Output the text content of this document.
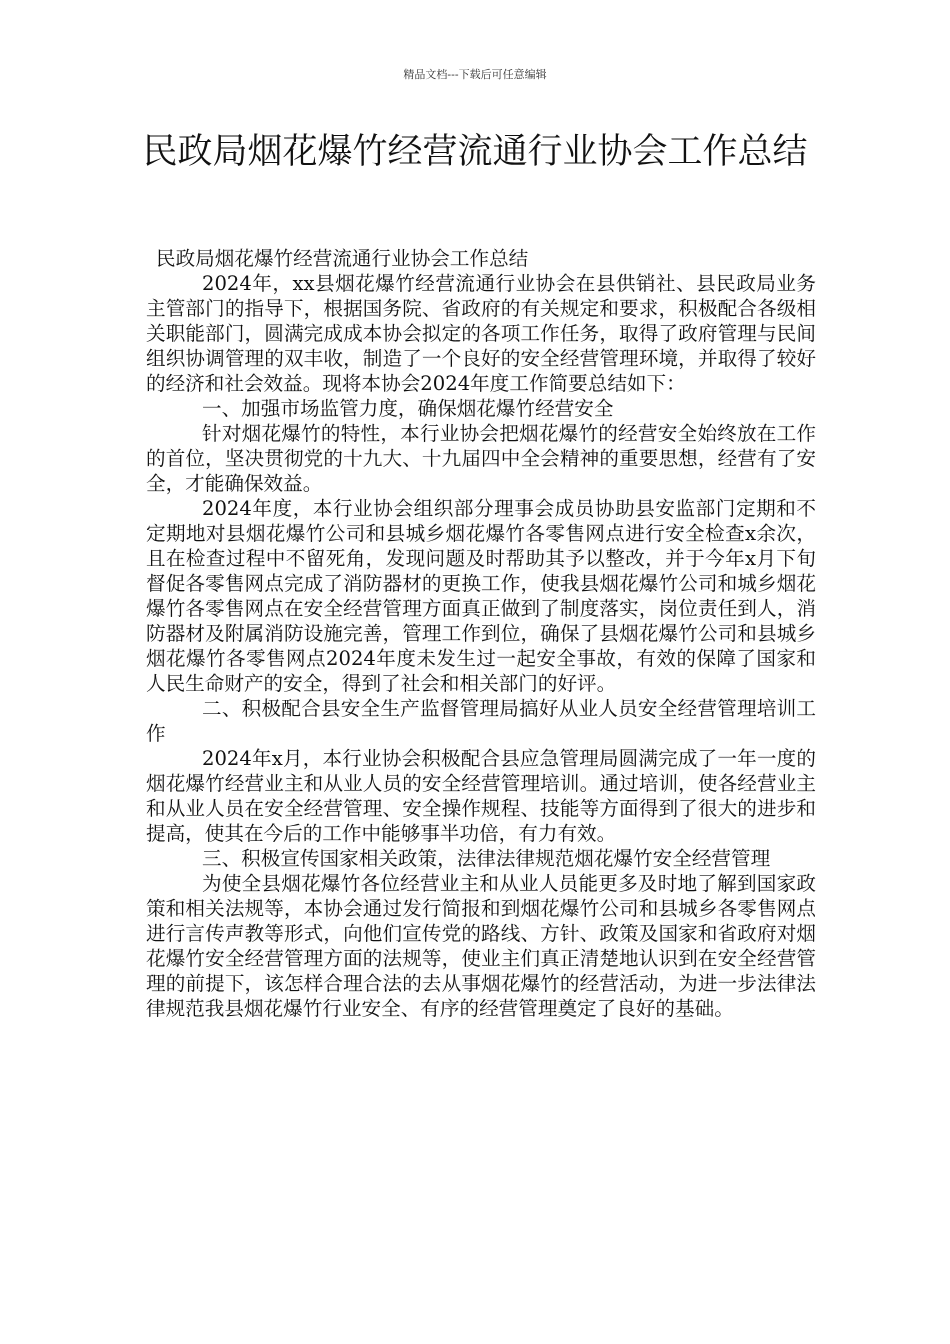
精品文档---下载后可任意编辑
民政局烟花爆竹经营流通行业协会工作总结

民政局烟花爆竹经营流通行业协会工作总结

2024年，xx县烟花爆竹经营流通行业协会在县供销社、县民政局业务主管部门的指导下，根据国务院、省政府的有关规定和要求，积极配合各级相关职能部门，圆满完成成本协会拟定的各项工作任务，取得了政府管理与民间组织协调管理的双丰收，制造了一个良好的安全经营管理环境，并取得了较好的经济和社会效益。现将本协会2024年度工作简要总结如下：

一、加强市场监管力度，确保烟花爆竹经营安全

针对烟花爆竹的特性，本行业协会把烟花爆竹的经营安全始终放在工作的首位，坚决贯彻党的十九大、十九届四中全会精神的重要思想，经营有了安全，才能确保效益。

2024年度，本行业协会组织部分理事会成员协助县安监部门定期和不定期地对县烟花爆竹公司和县城乡烟花爆竹各零售网点进行安全检查x余次，且在检查过程中不留死角，发现问题及时帮助其予以整改，并于今年x月下旬督促各零售网点完成了消防器材的更换工作，使我县烟花爆竹公司和城乡烟花爆竹各零售网点在安全经营管理方面真正做到了制度落实，岗位责任到人，消防器材及附属消防设施完善，管理工作到位，确保了县烟花爆竹公司和县城乡烟花爆竹各零售网点2024年度未发生过一起安全事故，有效的保障了国家和人民生命财产的安全，得到了社会和相关部门的好评。

二、积极配合县安全生产监督管理局搞好从业人员安全经营管理培训工作

2024年x月，本行业协会积极配合县应急管理局圆满完成了一年一度的烟花爆竹经营业主和从业人员的安全经营管理培训。通过培训，使各经营业主和从业人员在安全经营管理、安全操作规程、技能等方面得到了很大的进步和提高，使其在今后的工作中能够事半功倍，有力有效。

三、积极宣传国家相关政策，法律法律规范烟花爆竹安全经营管理

为使全县烟花爆竹各位经营业主和从业人员能更多及时地了解到国家政策和相关法规等，本协会通过发行简报和到烟花爆竹公司和县城乡各零售网点进行言传声教等形式，向他们宣传党的路线、方针、政策及国家和省政府对烟花爆竹安全经营管理方面的法规等，使业主们真正清楚地认识到在安全经营管理的前提下，该怎样合理合法的去从事烟花爆竹的经营活动，为进一步法律法律规范我县烟花爆竹行业安全、有序的经营管理奠定了良好的基础。
